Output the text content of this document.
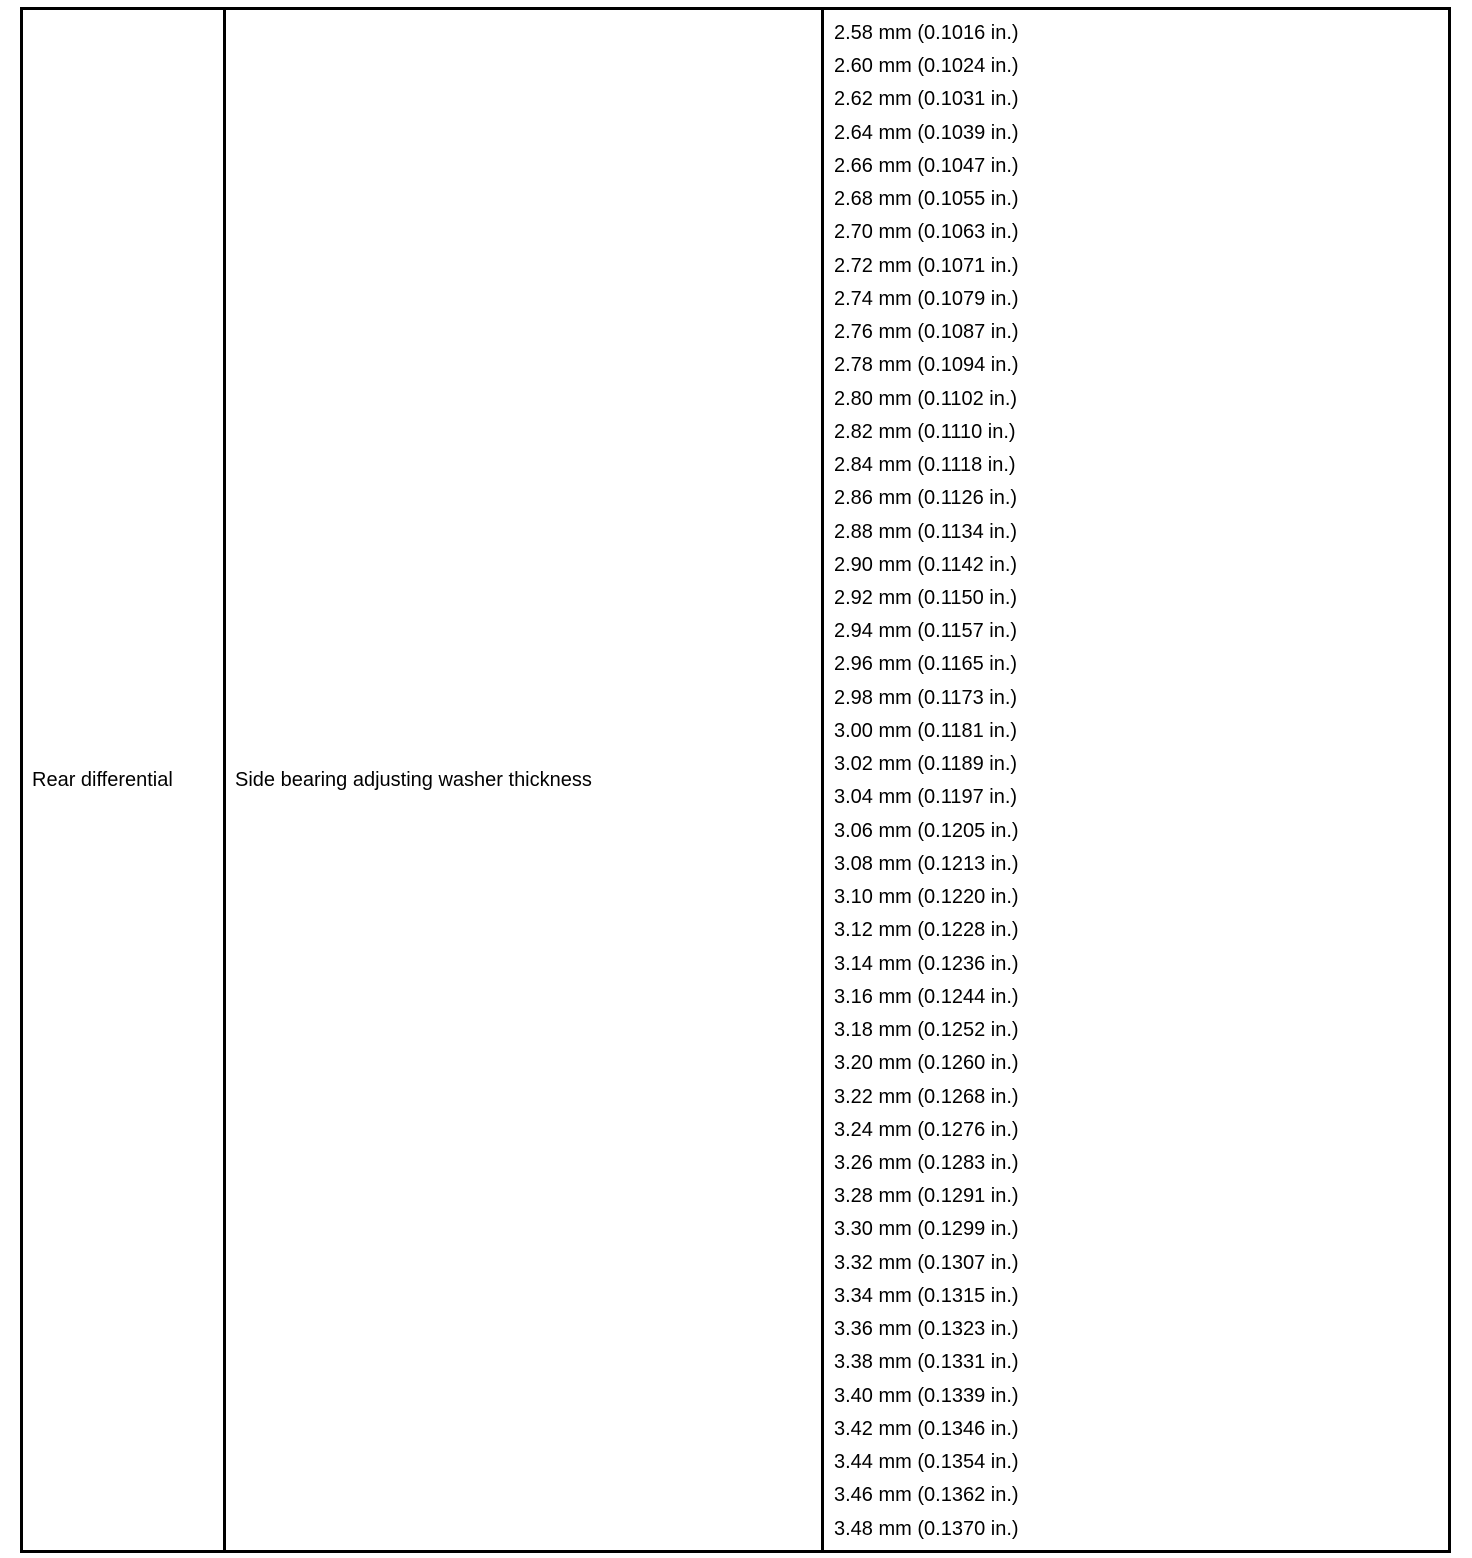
Rear differential	Side bearing adjusting washer thickness	
2.58 mm (0.1016 in.)
2.60 mm (0.1024 in.)
2.62 mm (0.1031 in.)
2.64 mm (0.1039 in.)
2.66 mm (0.1047 in.)
2.68 mm (0.1055 in.)
2.70 mm (0.1063 in.)
2.72 mm (0.1071 in.)
2.74 mm (0.1079 in.)
2.76 mm (0.1087 in.)
2.78 mm (0.1094 in.)
2.80 mm (0.1102 in.)
2.82 mm (0.1110 in.)
2.84 mm (0.1118 in.)
2.86 mm (0.1126 in.)
2.88 mm (0.1134 in.)
2.90 mm (0.1142 in.)
2.92 mm (0.1150 in.)
2.94 mm (0.1157 in.)
2.96 mm (0.1165 in.)
2.98 mm (0.1173 in.)
3.00 mm (0.1181 in.)
3.02 mm (0.1189 in.)
3.04 mm (0.1197 in.)
3.06 mm (0.1205 in.)
3.08 mm (0.1213 in.)
3.10 mm (0.1220 in.)
3.12 mm (0.1228 in.)
3.14 mm (0.1236 in.)
3.16 mm (0.1244 in.)
3.18 mm (0.1252 in.)
3.20 mm (0.1260 in.)
3.22 mm (0.1268 in.)
3.24 mm (0.1276 in.)
3.26 mm (0.1283 in.)
3.28 mm (0.1291 in.)
3.30 mm (0.1299 in.)
3.32 mm (0.1307 in.)
3.34 mm (0.1315 in.)
3.36 mm (0.1323 in.)
3.38 mm (0.1331 in.)
3.40 mm (0.1339 in.)
3.42 mm (0.1346 in.)
3.44 mm (0.1354 in.)
3.46 mm (0.1362 in.)
3.48 mm (0.1370 in.)
